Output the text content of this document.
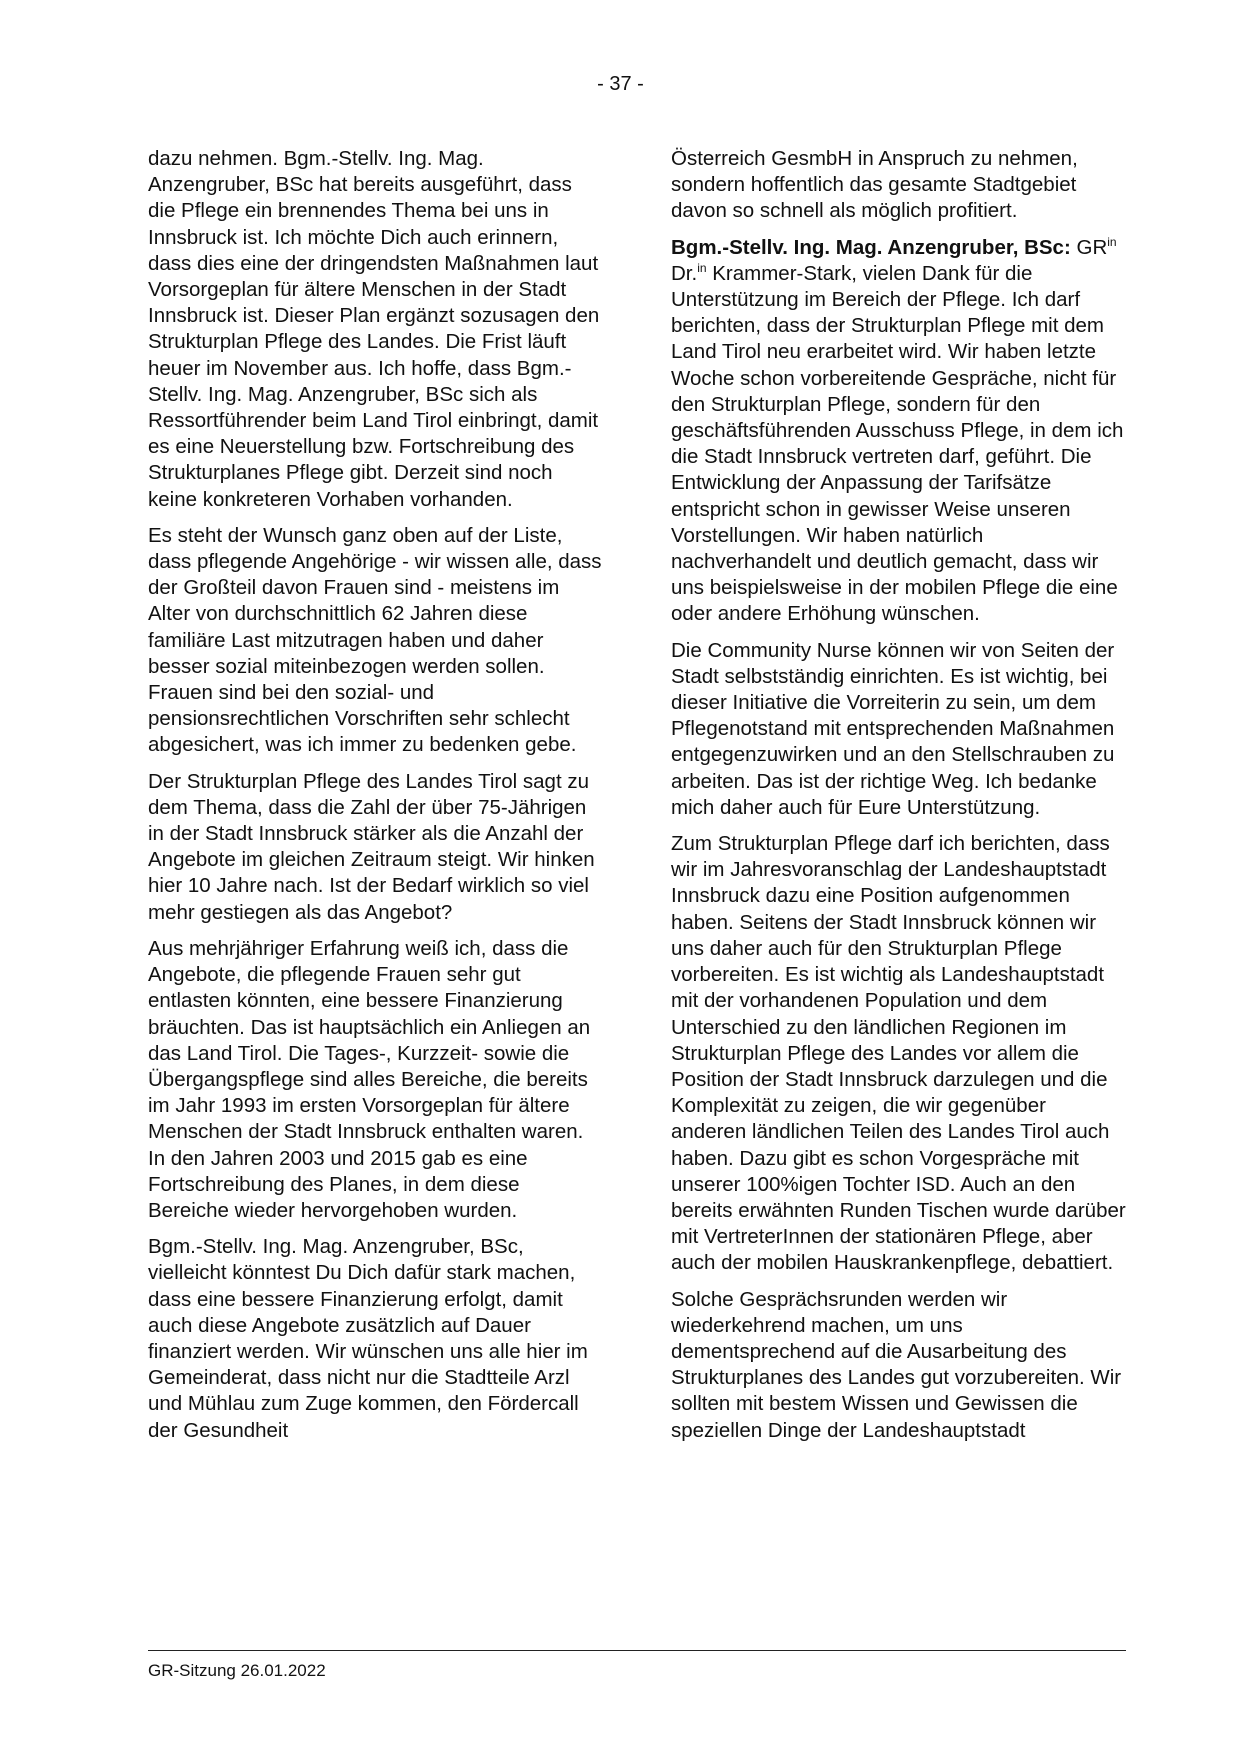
- 37 -

dazu nehmen. Bgm.-Stellv. Ing. Mag. Anzengruber, BSc hat bereits ausgeführt, dass die Pflege ein brennendes Thema bei uns in Innsbruck ist. Ich möchte Dich auch erinnern, dass dies eine der dringendsten Maßnahmen laut Vorsorgeplan für ältere Menschen in der Stadt Innsbruck ist. Dieser Plan ergänzt sozusagen den Strukturplan Pflege des Landes. Die Frist läuft heuer im November aus. Ich hoffe, dass Bgm.-Stellv. Ing. Mag. Anzengruber, BSc sich als Ressortführender beim Land Tirol einbringt, damit es eine Neuerstellung bzw. Fortschreibung des Strukturplanes Pflege gibt. Derzeit sind noch keine konkreteren Vorhaben vorhanden.

Es steht der Wunsch ganz oben auf der Liste, dass pflegende Angehörige - wir wissen alle, dass der Großteil davon Frauen sind - meistens im Alter von durchschnittlich 62 Jahren diese familiäre Last mitzutragen haben und daher besser sozial miteinbezogen werden sollen. Frauen sind bei den sozial- und pensionsrechtlichen Vorschriften sehr schlecht abgesichert, was ich immer zu bedenken gebe.

Der Strukturplan Pflege des Landes Tirol sagt zu dem Thema, dass die Zahl der über 75-Jährigen in der Stadt Innsbruck stärker als die Anzahl der Angebote im gleichen Zeitraum steigt. Wir hinken hier 10 Jahre nach. Ist der Bedarf wirklich so viel mehr gestiegen als das Angebot?

Aus mehrjähriger Erfahrung weiß ich, dass die Angebote, die pflegende Frauen sehr gut entlasten könnten, eine bessere Finanzierung bräuchten. Das ist hauptsächlich ein Anliegen an das Land Tirol. Die Tages-, Kurzzeit- sowie die Übergangspflege sind alles Bereiche, die bereits im Jahr 1993 im ersten Vorsorgeplan für ältere Menschen der Stadt Innsbruck enthalten waren. In den Jahren 2003 und 2015 gab es eine Fortschreibung des Planes, in dem diese Bereiche wieder hervorgehoben wurden.

Bgm.-Stellv. Ing. Mag. Anzengruber, BSc, vielleicht könntest Du Dich dafür stark machen, dass eine bessere Finanzierung erfolgt, damit auch diese Angebote zusätzlich auf Dauer finanziert werden. Wir wünschen uns alle hier im Gemeinderat, dass nicht nur die Stadtteile Arzl und Mühlau zum Zuge kommen, den Fördercall der Gesundheit

Österreich GesmbH in Anspruch zu nehmen, sondern hoffentlich das gesamte Stadtgebiet davon so schnell als möglich profitiert.

Bgm.-Stellv. Ing. Mag. Anzengruber, BSc: $GR^{in}$ Dr.$^{in}$ Krammer-Stark, vielen Dank für die Unterstützung im Bereich der Pflege. Ich darf berichten, dass der Strukturplan Pflege mit dem Land Tirol neu erarbeitet wird. Wir haben letzte Woche schon vorbereitende Gespräche, nicht für den Strukturplan Pflege, sondern für den geschäftsführenden Ausschuss Pflege, in dem ich die Stadt Innsbruck vertreten darf, geführt. Die Entwicklung der Anpassung der Tarifsätze entspricht schon in gewisser Weise unseren Vorstellungen. Wir haben natürlich nachverhandelt und deutlich gemacht, dass wir uns beispielsweise in der mobilen Pflege die eine oder andere Erhöhung wünschen.

Die Community Nurse können wir von Seiten der Stadt selbstständig einrichten. Es ist wichtig, bei dieser Initiative die Vorreiterin zu sein, um dem Pflegenotstand mit entsprechenden Maßnahmen entgegenzuwirken und an den Stellschrauben zu arbeiten. Das ist der richtige Weg. Ich bedanke mich daher auch für Eure Unterstützung.

Zum Strukturplan Pflege darf ich berichten, dass wir im Jahresvoranschlag der Landeshauptstadt Innsbruck dazu eine Position aufgenommen haben. Seitens der Stadt Innsbruck können wir uns daher auch für den Strukturplan Pflege vorbereiten. Es ist wichtig als Landeshauptstadt mit der vorhandenen Population und dem Unterschied zu den ländlichen Regionen im Strukturplan Pflege des Landes vor allem die Position der Stadt Innsbruck darzulegen und die Komplexität zu zeigen, die wir gegenüber anderen ländlichen Teilen des Landes Tirol auch haben. Dazu gibt es schon Vorgespräche mit unserer 100%igen Tochter ISD. Auch an den bereits erwähnten Runden Tischen wurde darüber mit VertreterInnen der stationären Pflege, aber auch der mobilen Hauskrankenpflege, debattiert.

Solche Gesprächsrunden werden wir wiederkehrend machen, um uns dementsprechend auf die Ausarbeitung des Strukturplanes des Landes gut vorzubereiten. Wir sollten mit bestem Wissen und Gewissen die speziellen Dinge der Landeshauptstadt

GR-Sitzung 26.01.2022
